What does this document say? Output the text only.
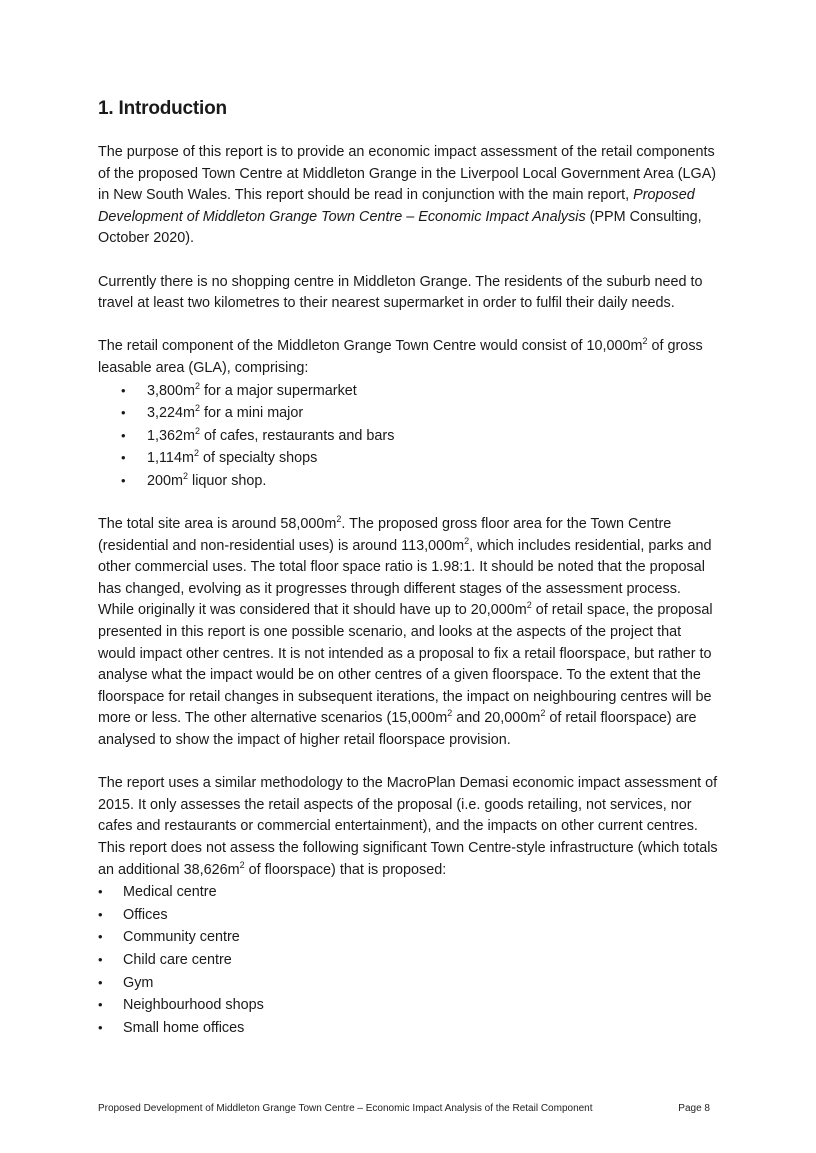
1. Introduction

The purpose of this report is to provide an economic impact assessment of the retail components of the proposed Town Centre at Middleton Grange in the Liverpool Local Government Area (LGA) in New South Wales. This report should be read in conjunction with the main report, Proposed Development of Middleton Grange Town Centre – Economic Impact Analysis (PPM Consulting, October 2020).

Currently there is no shopping centre in Middleton Grange. The residents of the suburb need to travel at least two kilometres to their nearest supermarket in order to fulfil their daily needs.

The retail component of the Middleton Grange Town Centre would consist of $10,000m^2$ of gross leasable area (GLA), comprising:

• $3,800m^2$ for a major supermarket
• $3,224m^2$ for a mini major
• $1,362m^2$ of cafes, restaurants and bars
• $1,114m^2$ of specialty shops
• $200m^2$ liquor shop.

The total site area is around $58,000m^2$. The proposed gross floor area for the Town Centre (residential and non-residential uses) is around $113,000m^2$, which includes residential, parks and other commercial uses. The total floor space ratio is 1.98:1. It should be noted that the proposal has changed, evolving as it progresses through different stages of the assessment process. While originally it was considered that it should have up to $20,000m^2$ of retail space, the proposal presented in this report is one possible scenario, and looks at the aspects of the project that would impact other centres. It is not intended as a proposal to fix a retail floorspace, but rather to analyse what the impact would be on other centres of a given floorspace. To the extent that the floorspace for retail changes in subsequent iterations, the impact on neighbouring centres will be more or less. The other alternative scenarios ($15,000m^2$ and $20,000m^2$ of retail floorspace) are analysed to show the impact of higher retail floorspace provision.

The report uses a similar methodology to the MacroPlan Demasi economic impact assessment of 2015. It only assesses the retail aspects of the proposal (i.e. goods retailing, not services, nor cafes and restaurants or commercial entertainment), and the impacts on other current centres. This report does not assess the following significant Town Centre-style infrastructure (which totals an additional $38,626m^2$ of floorspace) that is proposed:

• Medical centre
• Offices
• Community centre
• Child care centre
• Gym
• Neighbourhood shops
• Small home offices
Proposed Development of Middleton Grange Town Centre – Economic Impact Analysis of the Retail Component	Page 8
